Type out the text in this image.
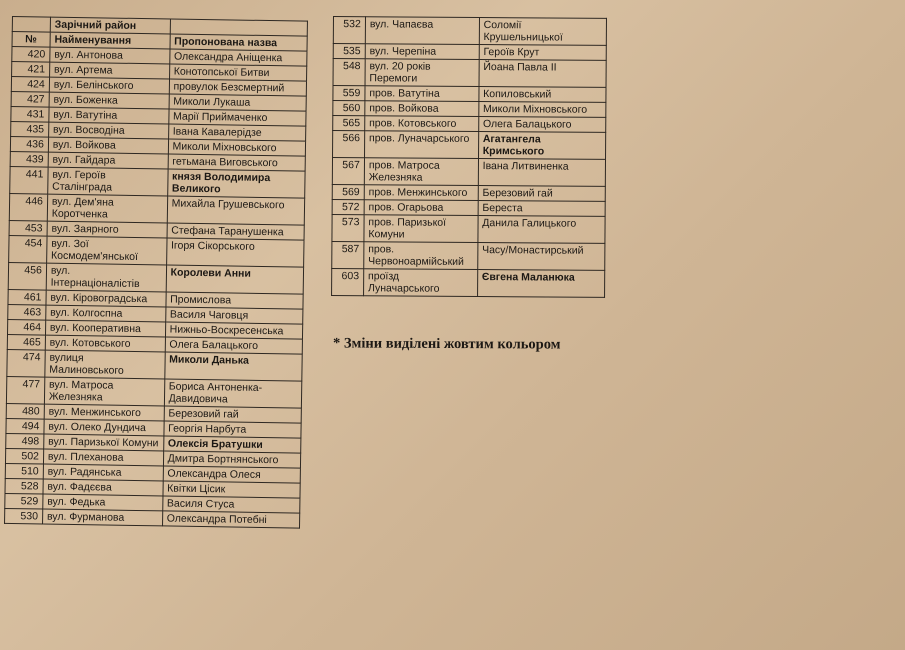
	Зарічний район	
№	Найменування	Пропонована назва
420	вул. Антонова	Олександра Аніщенка
421	вул. Артема	Конотопської Битви
424	вул. Белінського	провулок Безсмертний
427	вул. Боженка	Миколи Лукаша
431	вул. Ватутіна	Марії Приймаченко
435	вул. Восводіна	Івана Кавалерідзе
436	вул. Войкова	Миколи Міхновського
439	вул. Гайдара	гетьмана Виговського
441	вул. Героїв Сталінграда	князя Володимира Великого
446	вул. Дем'яна Коротченка	Михайла Грушевського
453	вул. Заярного	Стефана Таранушенка
454	вул. Зої Космодем'янської	Ігоря Сікорського
456	вул. Інтернаціоналістів	Королеви Анни
461	вул. Кіровоградська	Промислова
463	вул. Колгоспна	Василя Чаговця
464	вул. Кооперативна	Нижньо-Воскресенська
465	вул. Котовського	Олега Балацького
474	вулиця Малиновського	Миколи Данька
477	вул. Матроса Железняка	Бориса Антоненка-Давидовича
480	вул. Менжинського	Березовий гай
494	вул. Олеко Дундича	Георгія Нарбута
498	вул. Паризької Комуни	Олексія Братушки
502	вул. Плеханова	Дмитра Бортнянського
510	вул. Радянська	Олександра Олеся
528	вул. Фадєєва	Квітки Цісик
529	вул. Федька	Василя Стуса
530	вул. Фурманова	Олександра Потебні
532	вул. Чапаєва	Соломії Крушельницької
535	вул. Черепіна	Героїв Крут
548	вул. 20 років Перемоги	Йоана Павла ІІ
559	пров. Ватутіна	Копиловський
560	пров. Войкова	Миколи Міхновського
565	пров. Котовського	Олега Балацького
566	пров. Луначарського	Агатангела Кримського
567	пров. Матроса Железняка	Івана Литвиненка
569	пров. Менжинського	Березовий гай
572	пров. Огарьова	Береста
573	пров. Паризької Комуни	Данила Галицького
587	пров. Червоноармійський	Часу/Монастирський
603	проїзд Луначарського	Євгена Маланюка
* Зміни виділені жовтим кольором
